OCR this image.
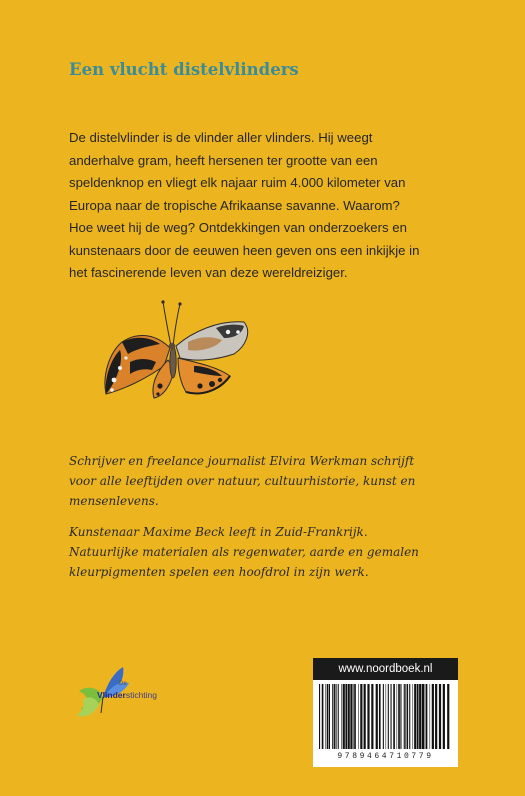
Een vlucht distelvlinders

De distelvlinder is de vlinder aller vlinders. Hij weegt

anderhalve gram, heeft hersenen ter grootte van een

speldenknop en vliegt elk najaar ruim 4.000 kilometer van

Europa naar de tropische Afrikaanse savanne. Waarom?

Hoe weet hij de weg? Ontdekkingen van onderzoekers en

kunstenaars door de eeuwen heen geven ons een inkijkje in

het fascinerende leven van deze wereldreiziger.

Schrijver en freelance journalist Elvira Werkman schrijft
voor alle leeftijden over natuur, cultuurhistorie, kunst en
mensenlevens.
Kunstenaar Maxime Beck leeft in Zuid-Frankrijk.
Natuurlijke materialen als regenwater, aarde en gemalen
kleurpigmenten spelen een hoofdrol in zijn werk.
De
Vlinderstichting
www.noordboek.nl
9789464710779
